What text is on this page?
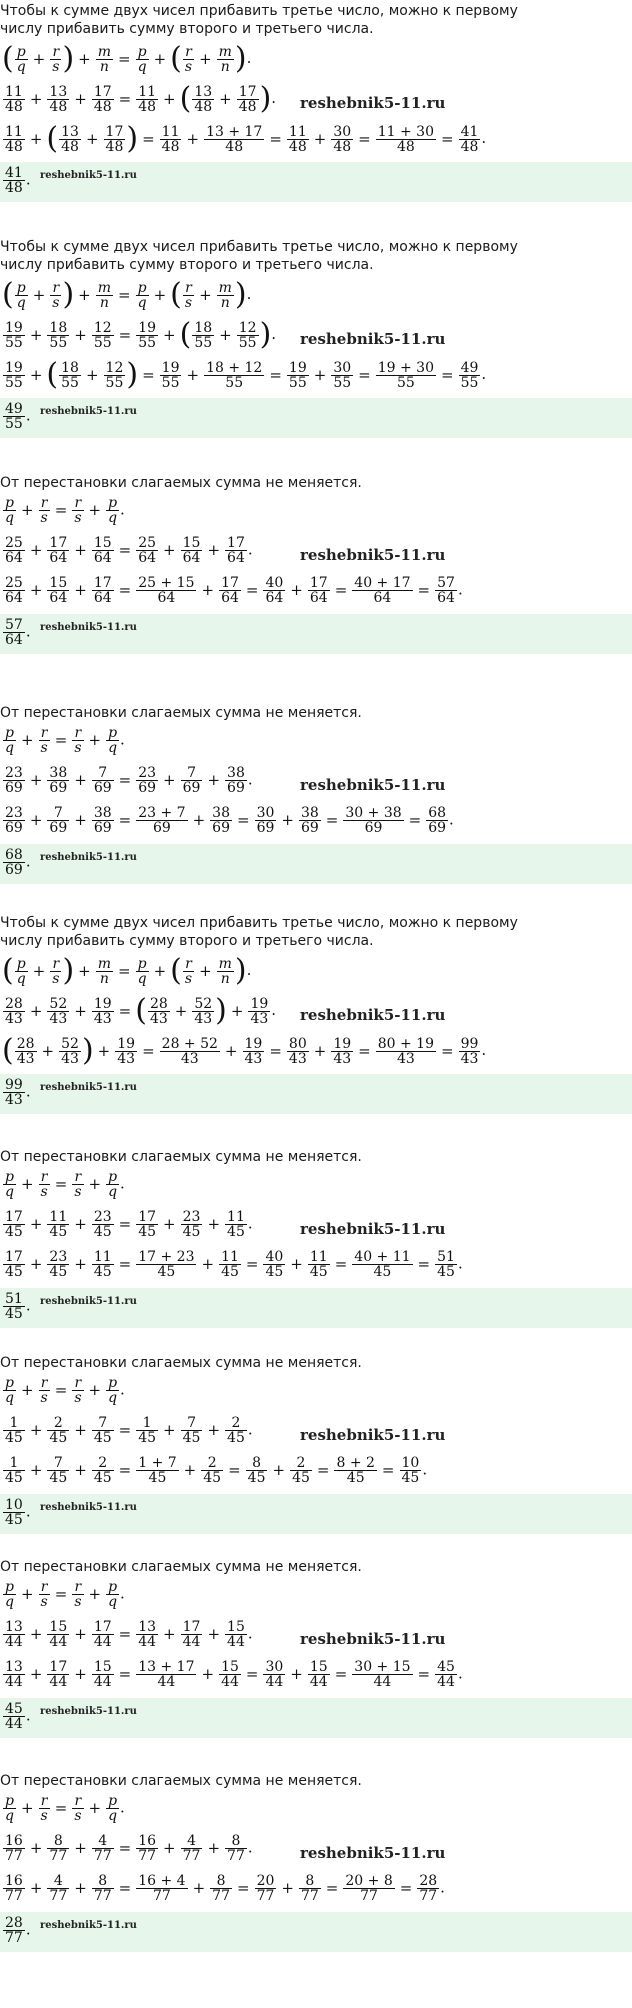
Чтобы к сумме двух чисел прибавить третье число, можно к первому числу прибавить сумму второго и третьего числа.
( $\frac{p}{q} + \frac{r}{s}$ ) + $\frac{m}{n} = \frac{p}{q}$ + ( $\frac{r}{s} + \frac{m}{n}$ ).
$\frac{11}{48} + \frac{13}{48} + \frac{17}{48} = \frac{11}{48}$ + ( $\frac{13}{48} + \frac{17}{48}$ ).
$\frac{11}{48}$ + ( $\frac{13}{48} + \frac{17}{48}$ ) = $\frac{11}{48} + \frac{13 + 17}{48} = \frac{11}{48} + \frac{30}{48} = \frac{11 + 30}{48} = \frac{41}{48}$ .
$\frac{41}{48}$ .
reshebnik5-11.ru
reshebnik5-11.ru
Чтобы к сумме двух чисел прибавить третье число, можно к первому числу прибавить сумму второго и третьего числа.
( $\frac{p}{q} + \frac{r}{s}$ ) + $\frac{m}{n} = \frac{p}{q}$ + ( $\frac{r}{s} + \frac{m}{n}$ ).
$\frac{19}{55} + \frac{18}{55} + \frac{12}{55} = \frac{19}{55}$ + ( $\frac{18}{55} + \frac{12}{55}$ ).
$\frac{19}{55}$ + ( $\frac{18}{55} + \frac{12}{55}$ ) = $\frac{19}{55} + \frac{18 + 12}{55} = \frac{19}{55} + \frac{30}{55} = \frac{19 + 30}{55} = \frac{49}{55}$ .
$\frac{49}{55}$ .
reshebnik5-11.ru
reshebnik5-11.ru
От перестановки слагаемых сумма не меняется.
$\frac{p}{q} + \frac{r}{s} = \frac{r}{s} + \frac{p}{q}$ .
$\frac{25}{64} + \frac{17}{64} + \frac{15}{64} = \frac{25}{64} + \frac{15}{64} + \frac{17}{64}$ .
$\frac{25}{64} + \frac{15}{64} + \frac{17}{64} = \frac{25 + 15}{64} + \frac{17}{64} = \frac{40}{64} + \frac{17}{64} = \frac{40 + 17}{64} = \frac{57}{64}$ .
$\frac{57}{64}$ .
reshebnik5-11.ru
reshebnik5-11.ru
От перестановки слагаемых сумма не меняется.
$\frac{p}{q} + \frac{r}{s} = \frac{r}{s} + \frac{p}{q}$ .
$\frac{23}{69} + \frac{38}{69} + \frac{7}{69} = \frac{23}{69} + \frac{7}{69} + \frac{38}{69}$ .
$\frac{23}{69} + \frac{7}{69} + \frac{38}{69} = \frac{23 + 7}{69} + \frac{38}{69} = \frac{30}{69} + \frac{38}{69} = \frac{30 + 38}{69} = \frac{68}{69}$ .
$\frac{68}{69}$ .
reshebnik5-11.ru
reshebnik5-11.ru
Чтобы к сумме двух чисел прибавить третье число, можно к первому числу прибавить сумму второго и третьего числа.
( $\frac{p}{q} + \frac{r}{s}$ ) + $\frac{m}{n} = \frac{p}{q}$ + ( $\frac{r}{s} + \frac{m}{n}$ ).
$\frac{28}{43} + \frac{52}{43} + \frac{19}{43}$ = ( $\frac{28}{43} + \frac{52}{43}$ ) + $\frac{19}{43}$ .
( $\frac{28}{43} + \frac{52}{43}$ ) + $\frac{19}{43} = \frac{28 + 52}{43} + \frac{19}{43} = \frac{80}{43} + \frac{19}{43} = \frac{80 + 19}{43} = \frac{99}{43}$ .
$\frac{99}{43}$ .
reshebnik5-11.ru
reshebnik5-11.ru
От перестановки слагаемых сумма не меняется.
$\frac{p}{q} + \frac{r}{s} = \frac{r}{s} + \frac{p}{q}$ .
$\frac{17}{45} + \frac{11}{45} + \frac{23}{45} = \frac{17}{45} + \frac{23}{45} + \frac{11}{45}$ .
$\frac{17}{45} + \frac{23}{45} + \frac{11}{45} = \frac{17 + 23}{45} + \frac{11}{45} = \frac{40}{45} + \frac{11}{45} = \frac{40 + 11}{45} = \frac{51}{45}$ .
$\frac{51}{45}$ .
reshebnik5-11.ru
reshebnik5-11.ru
От перестановки слагаемых сумма не меняется.
$\frac{p}{q} + \frac{r}{s} = \frac{r}{s} + \frac{p}{q}$ .
$\frac{1}{45} + \frac{2}{45} + \frac{7}{45} = \frac{1}{45} + \frac{7}{45} + \frac{2}{45}$ .
$\frac{1}{45} + \frac{7}{45} + \frac{2}{45} = \frac{1 + 7}{45} + \frac{2}{45} = \frac{8}{45} + \frac{2}{45} = \frac{8 + 2}{45} = \frac{10}{45}$ .
$\frac{10}{45}$ .
reshebnik5-11.ru
reshebnik5-11.ru
От перестановки слагаемых сумма не меняется.
$\frac{p}{q} + \frac{r}{s} = \frac{r}{s} + \frac{p}{q}$ .
$\frac{13}{44} + \frac{15}{44} + \frac{17}{44} = \frac{13}{44} + \frac{17}{44} + \frac{15}{44}$ .
$\frac{13}{44} + \frac{17}{44} + \frac{15}{44} = \frac{13 + 17}{44} + \frac{15}{44} = \frac{30}{44} + \frac{15}{44} = \frac{30 + 15}{44} = \frac{45}{44}$ .
$\frac{45}{44}$ .
reshebnik5-11.ru
reshebnik5-11.ru
От перестановки слагаемых сумма не меняется.
$\frac{p}{q} + \frac{r}{s} = \frac{r}{s} + \frac{p}{q}$ .
$\frac{16}{77} + \frac{8}{77} + \frac{4}{77} = \frac{16}{77} + \frac{4}{77} + \frac{8}{77}$ .
$\frac{16}{77} + \frac{4}{77} + \frac{8}{77} = \frac{16 + 4}{77} + \frac{8}{77} = \frac{20}{77} + \frac{8}{77} = \frac{20 + 8}{77} = \frac{28}{77}$ .
$\frac{28}{77}$ .
reshebnik5-11.ru
reshebnik5-11.ru
